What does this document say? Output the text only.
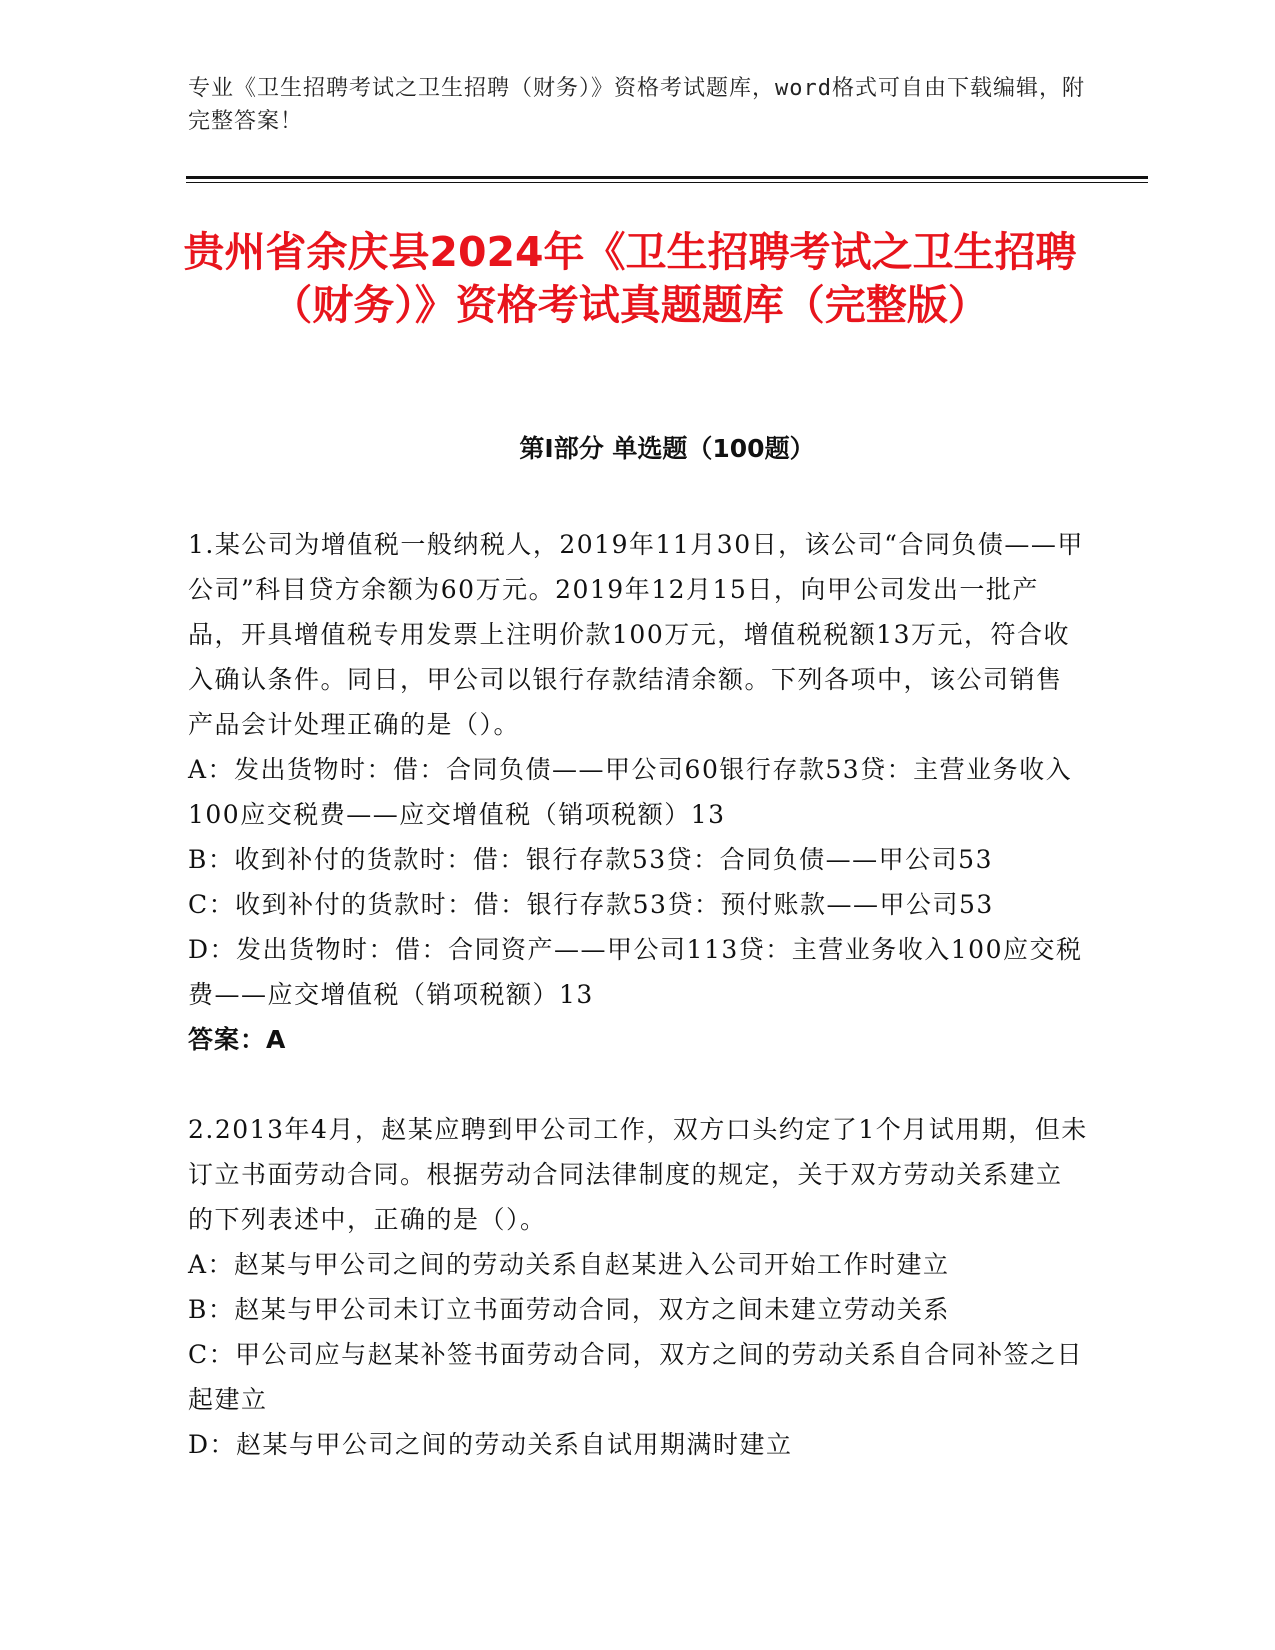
专业《卫生招聘考试之卫生招聘（财务）》资格考试题库，word格式可自由下载编辑，附完整答案！
贵州省余庆县2024年《卫生招聘考试之卫生招聘（财务）》资格考试真题题库（完整版）
第I部分 单选题（100题）

1.某公司为增值税一般纳税人，2019年11月30日，该公司“合同负债——甲公司”科目贷方余额为60万元。2019年12月15日，向甲公司发出一批产品，开具增值税专用发票上注明价款100万元，增值税税额13万元，符合收入确认条件。同日，甲公司以银行存款结清余额。下列各项中，该公司销售产品会计处理正确的是（）。

A：发出货物时：借：合同负债——甲公司60银行存款53贷：主营业务收入100应交税费——应交增值税（销项税额）13

B：收到补付的货款时：借：银行存款53贷：合同负债——甲公司53

C：收到补付的货款时：借：银行存款53贷：预付账款——甲公司53

D：发出货物时：借：合同资产——甲公司113贷：主营业务收入100应交税费——应交增值税（销项税额）13

答案：A

2.2013年4月，赵某应聘到甲公司工作，双方口头约定了1个月试用期，但未订立书面劳动合同。根据劳动合同法律制度的规定，关于双方劳动关系建立的下列表述中，正确的是（）。

A：赵某与甲公司之间的劳动关系自赵某进入公司开始工作时建立

B：赵某与甲公司未订立书面劳动合同，双方之间未建立劳动关系

C：甲公司应与赵某补签书面劳动合同，双方之间的劳动关系自合同补签之日起建立

D：赵某与甲公司之间的劳动关系自试用期满时建立
